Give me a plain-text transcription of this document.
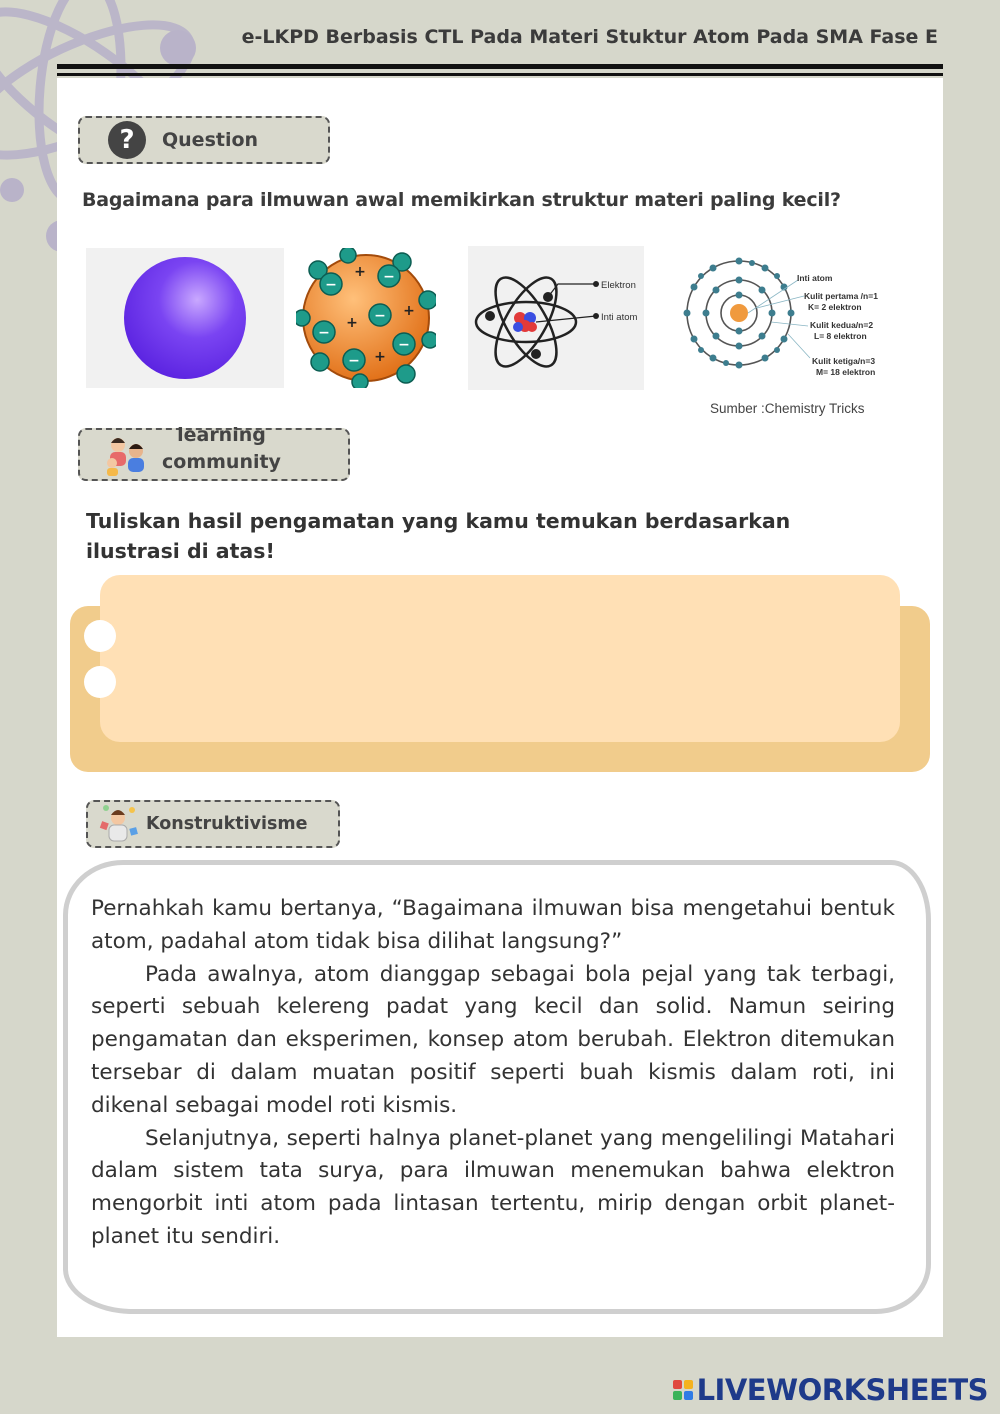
e-LKPD Berbasis CTL Pada Materi Stuktur Atom Pada SMA Fase E
?	Question
Bagaimana para ilmuwan awal memikirkan struktur materi paling kecil?
−	−
−
−
−
−
+
+
+
+
Elektron
Inti atom
Inti atom
Kulit pertama /n=1
K= 2 elektron
Kulit kedua/n=2
L= 8 elektron
Kulit ketiga/n=3
M= 18 elektron
Sumber :Chemistry Tricks
learning
community
Tuliskan hasil pengamatan yang kamu temukan berdasarkan ilustrasi di atas!
Konstruktivisme

Pernahkah kamu bertanya, “Bagaimana ilmuwan bisa mengetahui bentuk atom, padahal atom tidak bisa dilihat langsung?”

Pada awalnya, atom dianggap sebagai bola pejal yang tak terbagi, seperti sebuah kelereng padat yang kecil dan solid. Namun seiring pengamatan dan eksperimen, konsep atom berubah. Elektron ditemukan tersebar di dalam muatan positif seperti buah kismis dalam roti, ini dikenal sebagai model roti kismis.

Selanjutnya, seperti halnya planet-planet yang mengelilingi Matahari dalam sistem tata surya, para ilmuwan menemukan bahwa elektron mengorbit inti atom pada lintasan tertentu, mirip dengan orbit planet-planet itu sendiri.

LIVEWORKSHEETS
